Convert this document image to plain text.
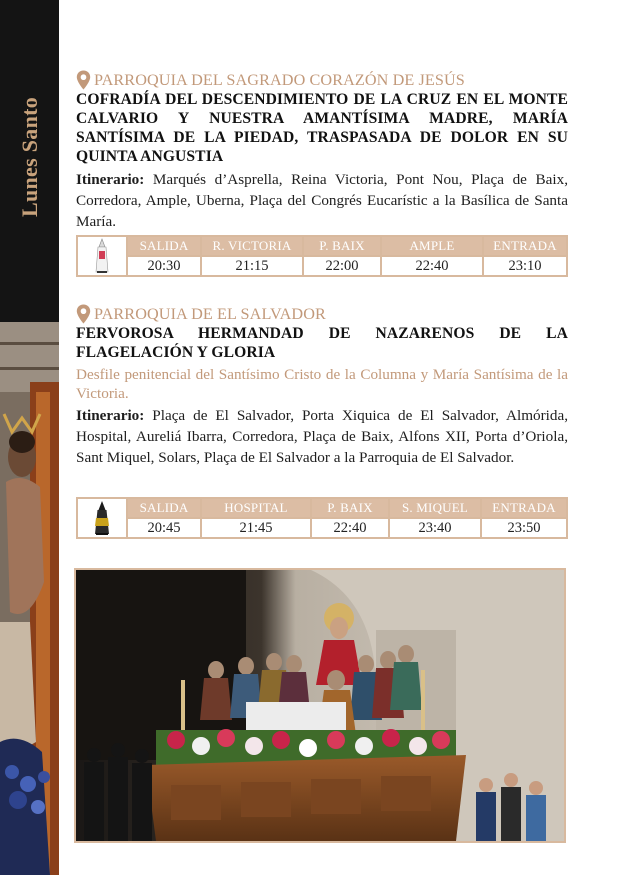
Lunes Santo
PARROQUIA DEL SAGRADO CORAZÓN DE JESÚS
COFRADÍA DEL DESCENDIMIENTO DE LA CRUZ EN EL MONTE CALVARIO Y NUESTRA AMANTÍSIMA MADRE, MARÍA SANTÍSIMA DE LA PIEDAD, TRASPASADA DE DOLOR EN SU QUINTA ANGUSTIA
Itinerario: Marqués d’Asprella, Reina Victoria, Pont Nou, Plaça de Baix, Corredora, Ample, Uberna, Plaça del Congrés Eucarístic a la Basílica de Santa María.
SALIDA
20:30
R. VICTORIA
21:15
P. BAIX
22:00
AMPLE
22:40
ENTRADA
23:10
PARROQUIA DE EL SALVADOR
FERVOROSA HERMANDAD DE NAZARENOS DE LA FLAGELACIÓN Y GLORIA
Desfile penitencial del Santísimo Cristo de la Columna y María Santísima de la Victoria.
Itinerario: Plaça de El Salvador, Porta Xiquica de El Salvador, Almórida, Hospital, Aureliá Ibarra, Corredora, Plaça de Baix, Alfons XII, Porta d’Oriola, Sant Miquel, Solars, Plaça de El Salvador a la Parroquia de El Salvador.
SALIDA
20:45
HOSPITAL
21:45
P. BAIX
22:40
S. MIQUEL
23:40
ENTRADA
23:50
